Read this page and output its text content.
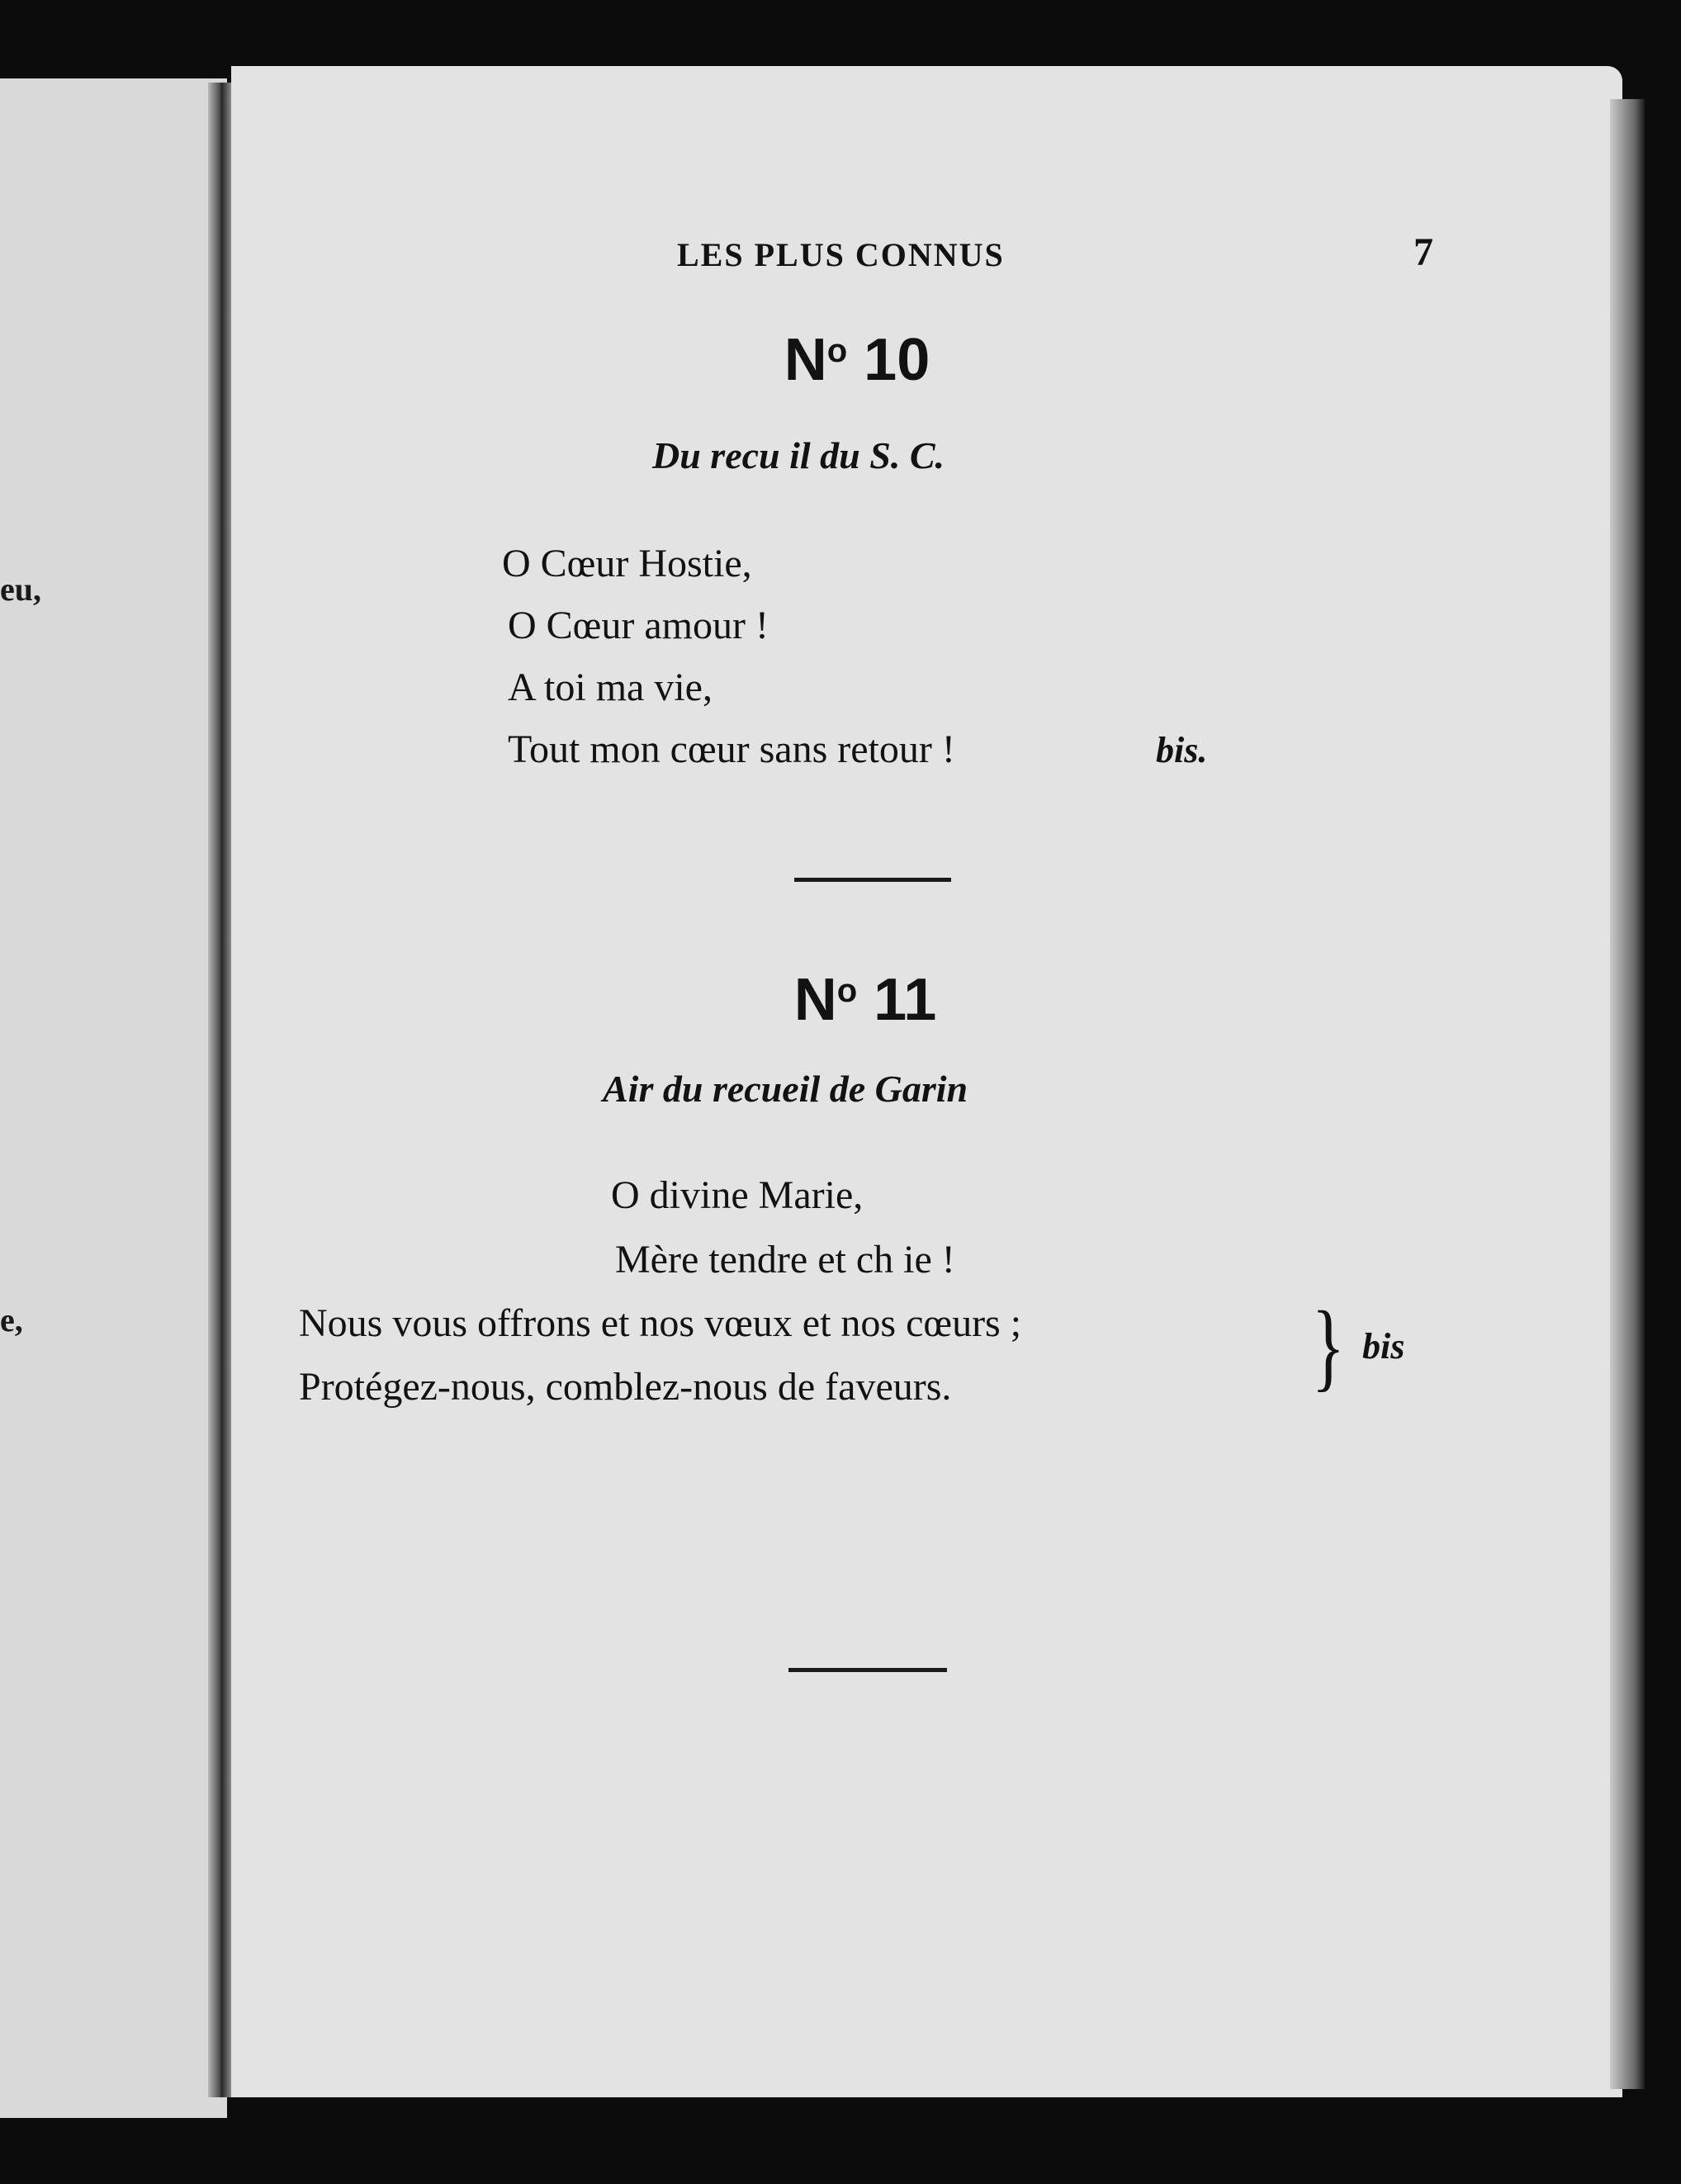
eu,
e,
LES PLUS CONNUS	7
$N^o$ 10
Du recu il du S. C.
O Cœur Hostie,
O Cœur amour !
A toi ma vie,
Tout mon cœur sans retour !	bis.
$N^o$ 11
Air du recueil de Garin
O divine Marie,
Mère tendre et ch ie !
Nous vous offrons et nos vœux et nos cœurs ;
Protégez-nous, comblez-nous de faveurs.	} bis
